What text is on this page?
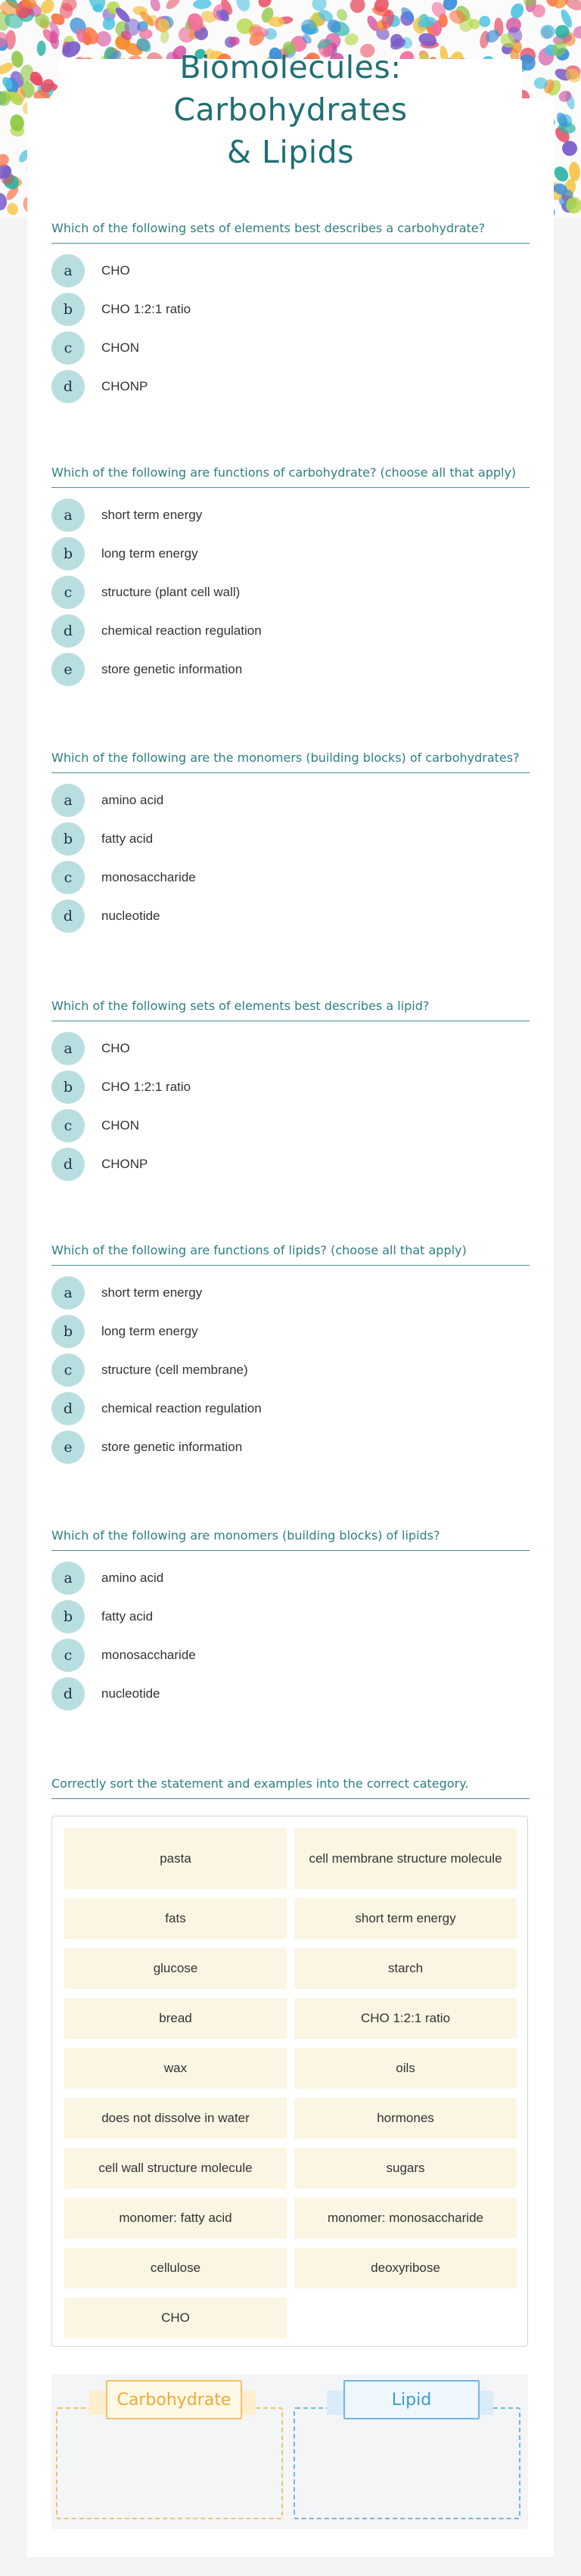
Biomolecules: Carbohydrates
& Lipids

Which of the following sets of elements best describes a carbohydrate?

a	CHO
b	CHO 1:2:1 ratio
c	CHON
d	CHONP

Which of the following are functions of carbohydrate? (choose all that apply)

a	short term energy
b	long term energy
c	structure (plant cell wall)
d	chemical reaction regulation
e	store genetic information

Which of the following are the monomers (building blocks) of carbohydrates?

a	amino acid
b	fatty acid
c	monosaccharide
d	nucleotide

Which of the following sets of elements best describes a lipid?

a	CHO
b	CHO 1:2:1 ratio
c	CHON
d	CHONP

Which of the following are functions of lipids? (choose all that apply)

a	short term energy
b	long term energy
c	structure (cell membrane)
d	chemical reaction regulation
e	store genetic information

Which of the following are monomers (building blocks) of lipids?

a	amino acid
b	fatty acid
c	monosaccharide
d	nucleotide

Correctly sort the statement and examples into the correct category.

pasta	cell membrane structure molecule
fats	short term energy
glucose	starch
bread	CHO 1:2:1 ratio
wax	oils
does not dissolve in water	hormones
cell wall structure molecule	sugars
monomer: fatty acid	monomer: monosaccharide
cellulose	deoxyribose
CHO
Carbohydrate	Lipid
